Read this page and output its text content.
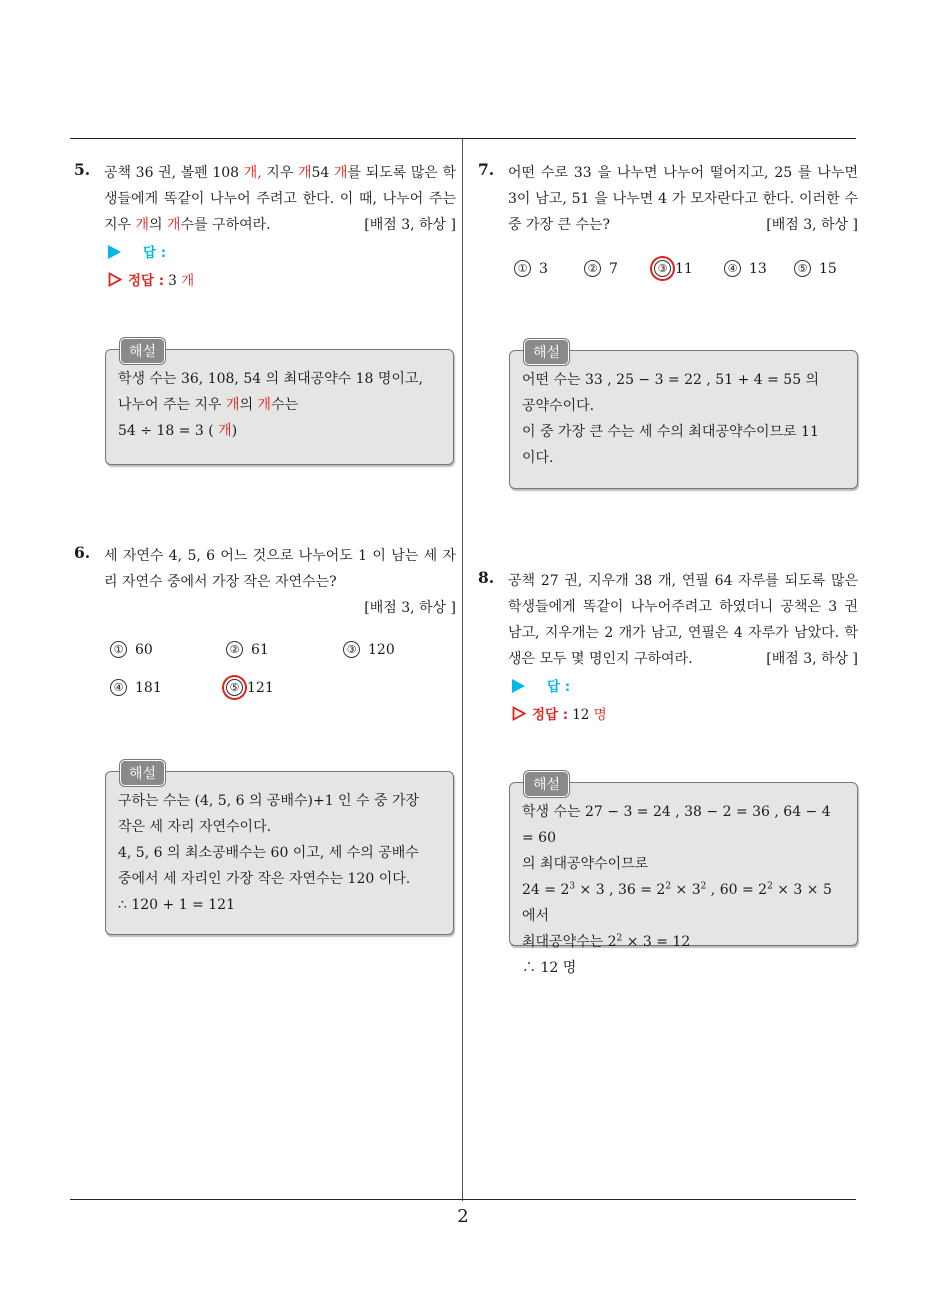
2
5. 공책 36 권, 볼펜 108 개, 지우 개54 개를 되도록 많은 학생들에게 똑같이 나누어 주려고 한다. 이 때, 나누어 주는 지우 개의 개수를 구하여라.	[배점 3, 하상 ]
답 :
정답 : 3 개
해설
학생 수는 36, 108, 54 의 최대공약수 18 명이고,
나누어 주는 지우 개의 개수는
54 ÷ 18 = 3 ( 개)
6. 세 자연수 4, 5, 6 어느 것으로 나누어도 1 이 남는 세 자리 자연수 중에서 가장 작은 자연수는?
[배점 3, 하상 ]
① 60	② 61	③ 120
④ 181	⑤ 121
해설
구하는 수는 (4, 5, 6 의 공배수)+1 인 수 중 가장
작은 세 자리 자연수이다.
4, 5, 6 의 최소공배수는 60 이고, 세 수의 공배수
중에서 세 자리인 가장 작은 자연수는 120 이다.
∴ 120 + 1 = 121
7. 어떤 수로 33 을 나누면 나누어 떨어지고, 25 를 나누면 3이 남고, 51 을 나누면 4 가 모자란다고 한다. 이러한 수 중 가장 큰 수는?	[배점 3, 하상 ]
① 3	② 7	③ 11	④ 13	⑤ 15
해설
어떤 수는 33 , 25 − 3 = 22 , 51 + 4 = 55 의
공약수이다.
이 중 가장 큰 수는 세 수의 최대공약수이므로 11
이다.
8. 공책 27 권, 지우개 38 개, 연필 64 자루를 되도록 많은 학생들에게 똑같이 나누어주려고 하였더니 공책은 3 권 남고, 지우개는 2 개가 남고, 연필은 4 자루가 남았다. 학생은 모두 몇 명인지 구하여라.	[배점 3, 하상 ]
답 :
정답 : 12 명
해설
학생 수는 27 − 3 = 24 , 38 − 2 = 36 , 64 − 4 = 60
의 최대공약수이므로
$24 = 2^3 \times 3$ , $36 = 2^2 \times 3^2$ , $60 = 2^2 \times 3 \times 5$ 에서
최대공약수는 $2^2 \times 3 = 12$
∴ 12 명
